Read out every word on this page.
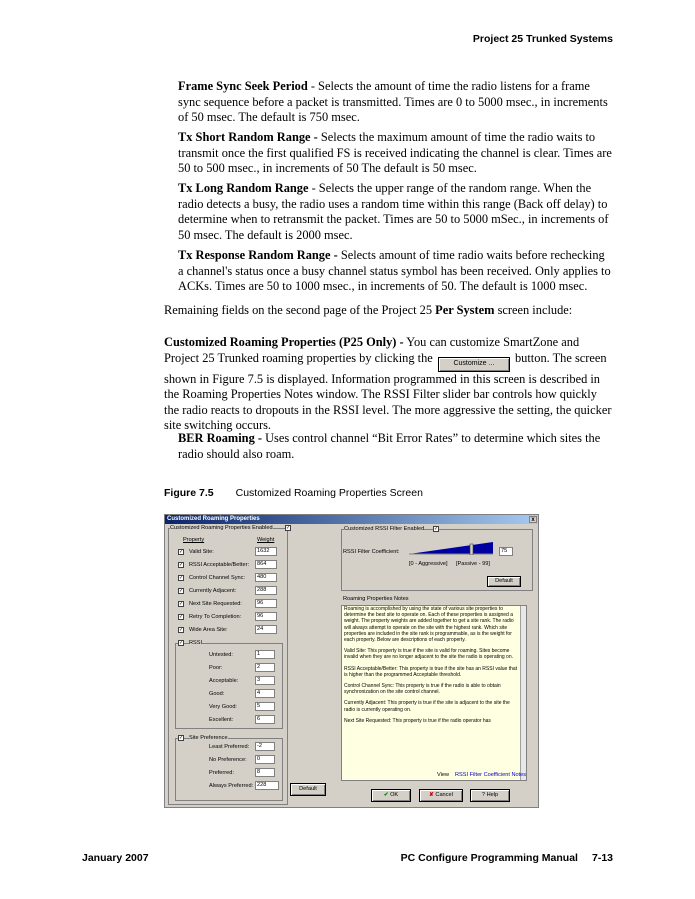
Project 25 Trunked Systems
Frame Sync Seek Period - Selects the amount of time the radio listens for a frame sync sequence before a packet is transmitted. Times are 0 to 5000 msec., in increments of 50 msec. The default is 750 msec.
Tx Short Random Range - Selects the maximum amount of time the radio waits to transmit once the first qualified FS is received indicating the channel is clear. Times are 50 to 500 msec., in increments of 50 The default is 50 msec.
Tx Long Random Range - Selects the upper range of the random range. When the radio detects a busy, the radio uses a random time within this range (Back off delay) to determine when to retransmit the packet. Times are 50 to 5000 mSec., in increments of 50 msec. The default is 2000 msec.
Tx Response Random Range - Selects amount of time radio waits before rechecking a channel's status once a busy channel status symbol has been received. Only applies to ACKs. Times are 50 to 1000 msec., in increments of 50. The default is 1000 msec.
Remaining fields on the second page of the Project 25 Per System screen include:
Customized Roaming Properties (P25 Only) - You can customize SmartZone and Project 25 Trunked roaming properties by clicking the	Customize ... button. The screen shown in Figure 7.5 is displayed. Information programmed in this screen is described in the Roaming Properties Notes window. The RSSI Filter slider bar controls how quickly the radio reacts to dropouts in the RSSI level. The more aggressive the setting, the quicker site switching occurs.
BER Roaming - Uses control channel “Bit Error Rates” to determine which sites the radio should also roam.
Figure 7.5 Customized Roaming Properties Screen
Customized Roaming Properties	x
Customized Roaming Properties Enabled	✓
Property	Weight
✓ Valid Site:	1632
✓ RSSI Acceptable/Better:	864
✓ Control Channel Sync:	480
✓ Currently Adjacent:	288
✓ Next Site Requested:	96
✓ Retry To Completion:	96
✓ Wide Area Site:	24
✓ RSSI
Untested:	1
Poor:	2
Acceptable:	3
Good:	4
Very Good:	5
Excellent:	6
✓ Site Preference
Least Preferred:	-2
No Preference:	0
Preferred:	8
Always Preferred: 228
Default
Customized RSSI Filter Enabled ✓
RSSI Filter Coefficient:	75
[0 - Aggressive] [Passive - 99]
Default
Roaming Properties Notes

Roaming is accomplished by using the state of various site properties to determine the best site to operate on. Each of these properties is assigned a weight. The property weights are added together to get a site rank. The radio will always attempt to operate on the site with the highest rank. Which site properties are included in the site rank is programmable, as is the weight for each property. Below are descriptions of each property.

Valid Site: This property is true if the site is valid for roaming. Sites become invalid when they are no longer adjacent to the site the radio is operating on.

RSSI Acceptable/Better: This property is true if the site has an RSSI value that is higher than the programmed Acceptable threshold.

Control Channel Sync: This property is true if the radio is able to obtain synchronization on the site control channel.

Currently Adjacent: This property is true if the site is adjacent to the site the radio is currently operating on.

Next Site Requested: This property is true if the radio operator has

View RSSI Filter Coefficient Notes
✔ OK	✘ Cancel	? Help
January 2007	PC Configure Programming Manual 7-13
